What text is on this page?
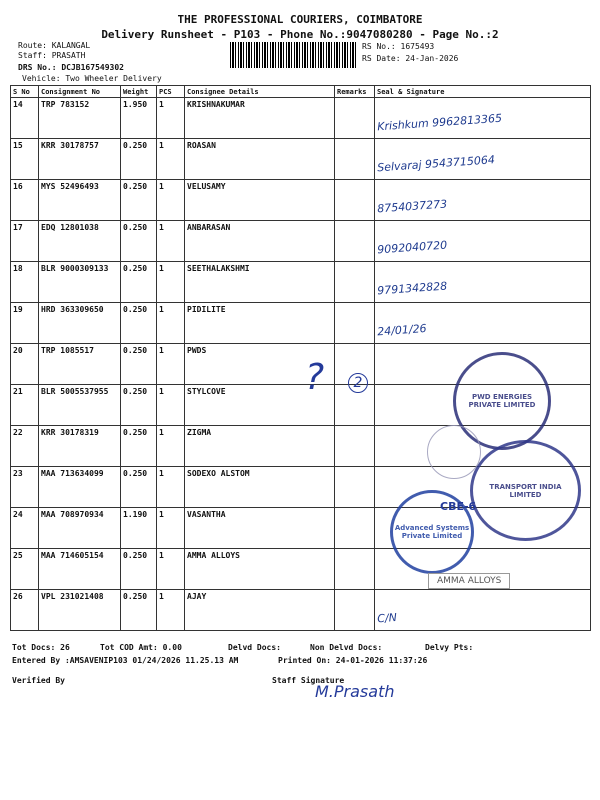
THE PROFESSIONAL COURIERS, COIMBATORE
Delivery Runsheet - P103 - Phone No.:9047080280 - Page No.:2
Route: KALANGAL
Staff: PRASATH
DRS No.: DCJB167549302
Vehicle: Two Wheeler Delivery
RS No.: 1675493
RS Date: 24-Jan-2026
S No	Consignment No	Weight	PCS	Consignee Details	Remarks	Seal & Signature
14	TRP 783152	1.950	1	KRISHNAKUMAR		Krishkum 9962813365

15	KRR 30178757	0.250	1	ROASAN		Selvaraj 9543715064

16	MYS 52496493	0.250	1	VELUSAMY		8754037273

17	EDQ 12801038	0.250	1	ANBARASAN		9092040720

18	BLR 9000309133	0.250	1	SEETHALAKSHMI		9791342828

19	HRD 363309650	0.250	1	PIDILITE		24/01/26

20	TRP 1085517	0.250	1	PWDS		

21	BLR 5005537955	0.250	1	STYLCOVE		

22	KRR 30178319	0.250	1	ZIGMA		

23	MAA 713634099	0.250	1	SODEXO ALSTOM		

24	MAA 708970934	1.190	1	VASANTHA		

25	MAA 714605154	0.250	1	AMMA ALLOYS		

26	VPL 231021408	0.250	1	AJAY		C/N
PWD ENERGIES PRIVATE LIMITED
TRANSPORT INDIA LIMITED
Advanced Systems Private Limited
CBE-6
AMMA ALLOYS
?	2
Tot Docs: 26	Tot COD Amt: 0.00	Delvd Docs:	Non Delvd Docs:	Delvy Pts:
Entered By :AMSAVENIP103 01/24/2026 11.25.13 AM	Printed On: 24-01-2026 11:37:26
Verified By	Staff Signature
M.Prasath
